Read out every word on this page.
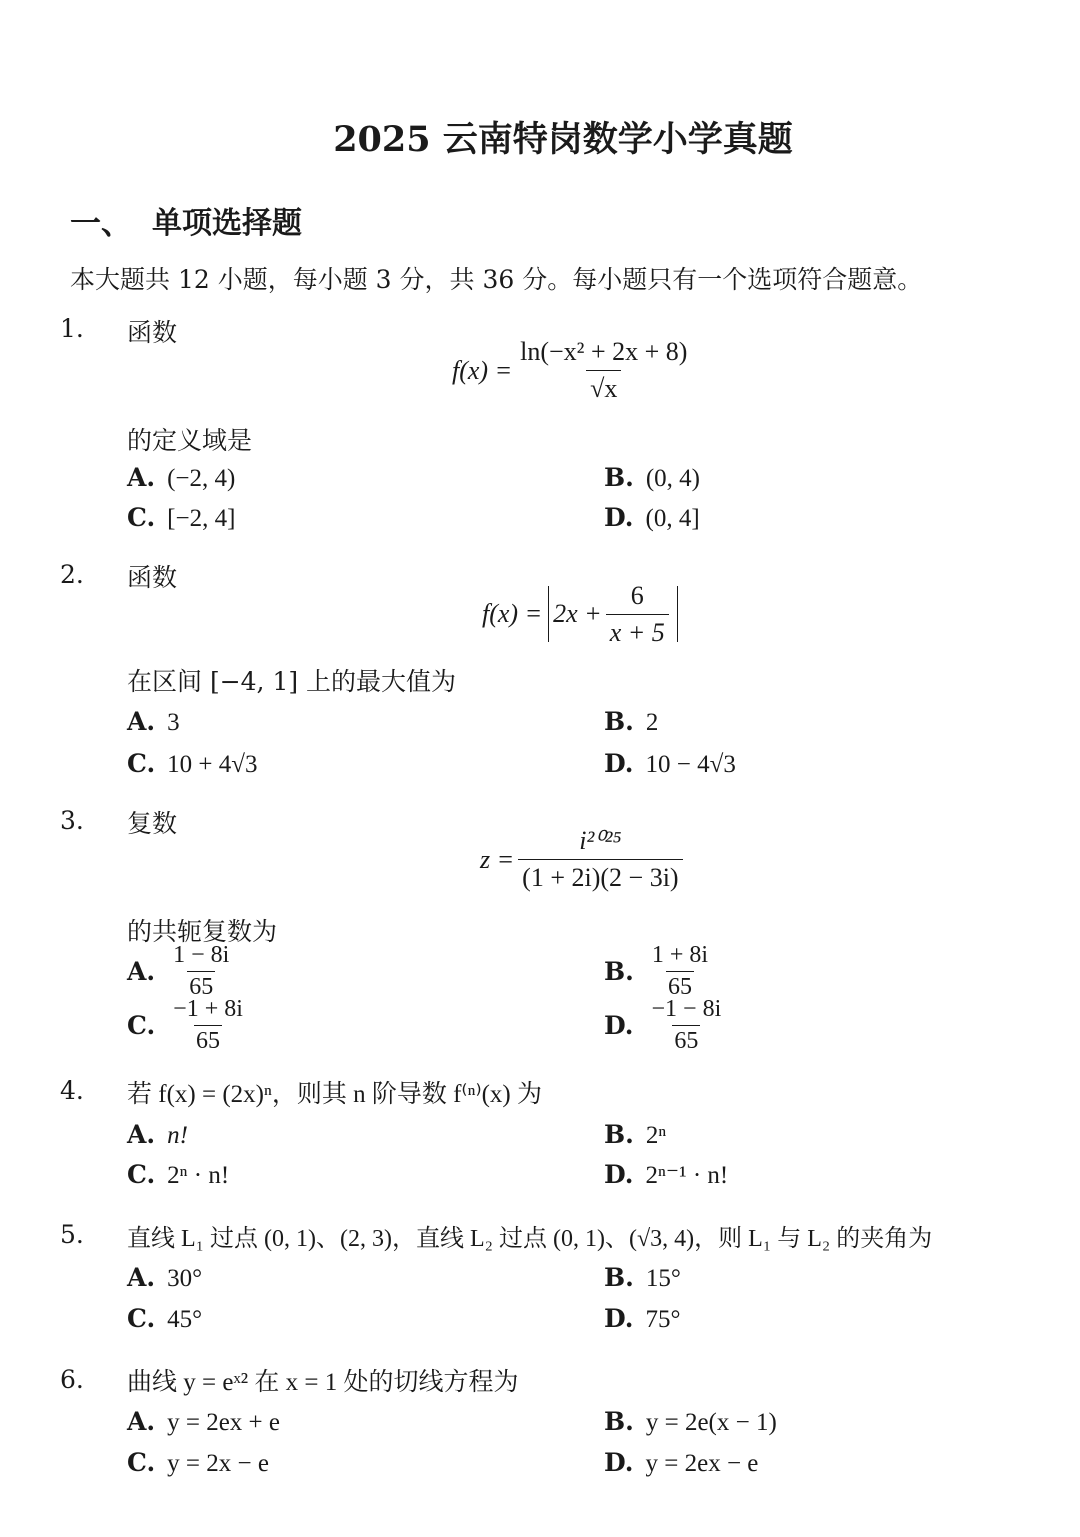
2025 云南特岗数学小学真题
一、 单项选择题
本大题共 12 小题，每小题 3 分，共 36 分。每小题只有一个选项符合题意。
1. 函数
$f(x) = \frac{\text{ln(−x² + 2x + 8)}}{√x}$
的定义域是
A. (−2, 4)	B. (0, 4)
C. [−2, 4]	D. (0, 4]
2. 函数
$f(x) = 2x + \frac{6}{x + 5}$
在区间 [−4, 1] 上的最大值为
A. 3	B. 2
C. 10 + 4√3	D. 10 − 4√3
3. 复数
$z = \frac{\text{i²⁰²⁵}}{(1 + 2i)(2 - 3i)}$
的共轭复数为
A. $\frac{1 - 8i}{65}$	B. $\frac{1 + 8i}{65}$
C. $\frac{-1 + 8i}{65}$	D. $\frac{-1 - 8i}{65}$
4. 若 f(x) = (2x)ⁿ，则其 n 阶导数 f⁽ⁿ⁾(x) 为
A. n!	B. 2ⁿ
C. 2ⁿ · n!	D. 2ⁿ⁻¹ · n!
5. 直线 L₁ 过点 (0, 1)、(2, 3)，直线 L₂ 过点 (0, 1)、(√3, 4)，则 L₁ 与 L₂ 的夹角为
A. 30°	B. 15°
C. 45°	D. 75°
6. 曲线 y = eˣ² 在 x = 1 处的切线方程为
A. y = 2ex + e	B. y = 2e(x − 1)
C. y = 2x − e	D. y = 2ex − e
